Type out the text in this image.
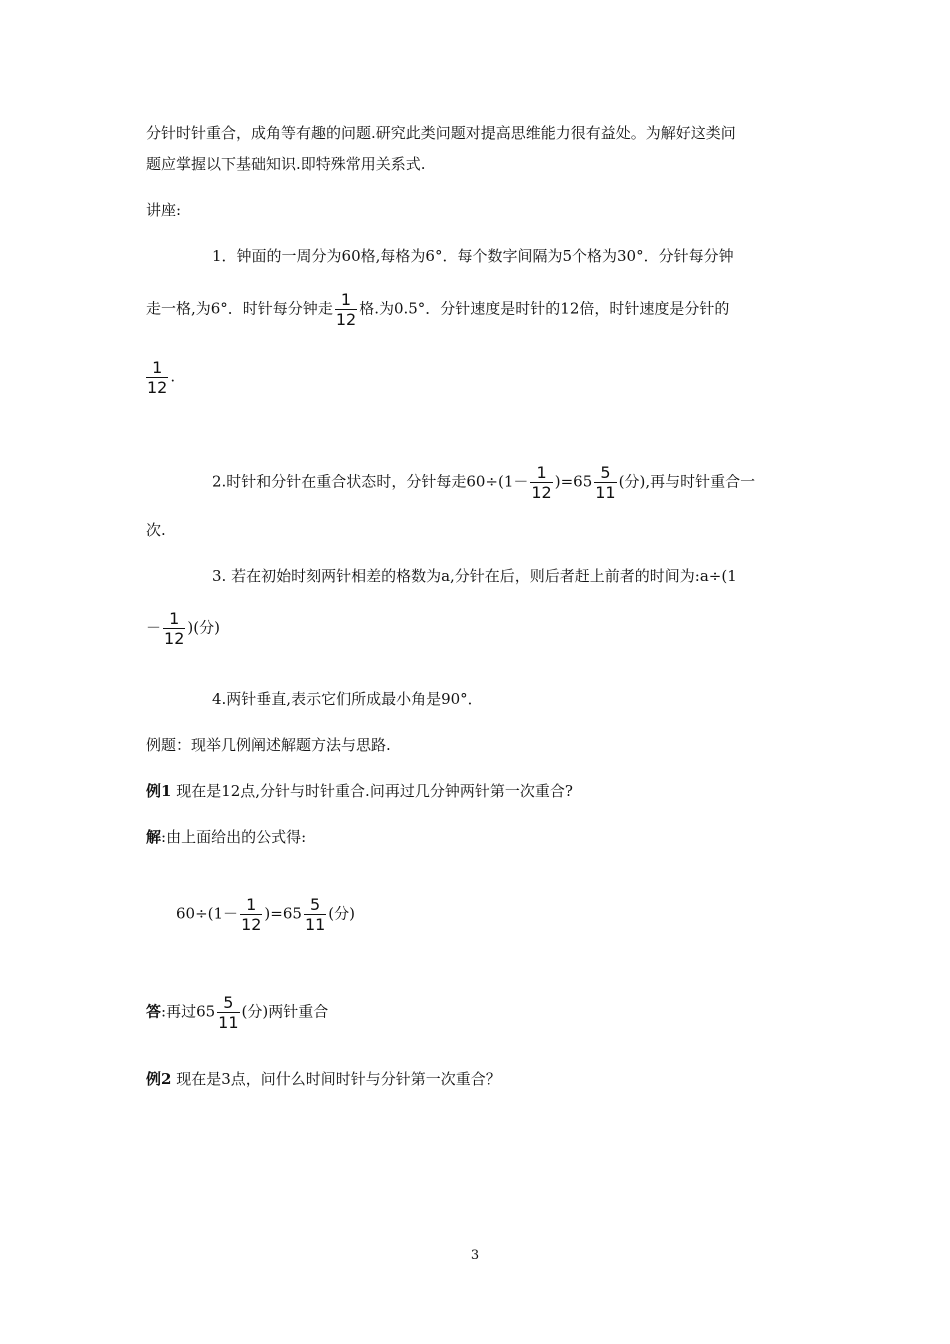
分针时针重合，成角等有趣的问题.研究此类问题对提高思维能力很有益处。为解好这类问
题应掌握以下基础知识.即特殊常用关系式.
讲座:
1．钟面的一周分为60格,每格为6°．每个数字间隔为5个格为30°．分针每分钟
走一格,为6°．时针每分钟走 $\frac{1}{12}$ 格.为0.5°．分针速度是时针的12倍，时针速度是分针的
$\frac{1}{12}$ .
2.时针和分针在重合状态时，分针每走$60\div(1- \frac{1}{12} )=65 \frac{5}{11}$ (分),再与时针重合一
次.
3. 若在初始时刻两针相差的格数为a,分针在后，则后者赶上前者的时间为:a÷(1
－ $\frac{1}{12}$ )(分)
4.两针垂直,表示它们所成最小角是90°．
例题：现举几例阐述解题方法与思路.
例1 现在是12点,分针与时针重合.问再过几分钟两针第一次重合?
解:由上面给出的公式得:
$60\div(1- \frac{1}{12} )=65 \frac{5}{11}$ (分)
答:再过$65 \frac{5}{11}$ (分)两针重合
例2 现在是3点，问什么时间时针与分针第一次重合？
3
